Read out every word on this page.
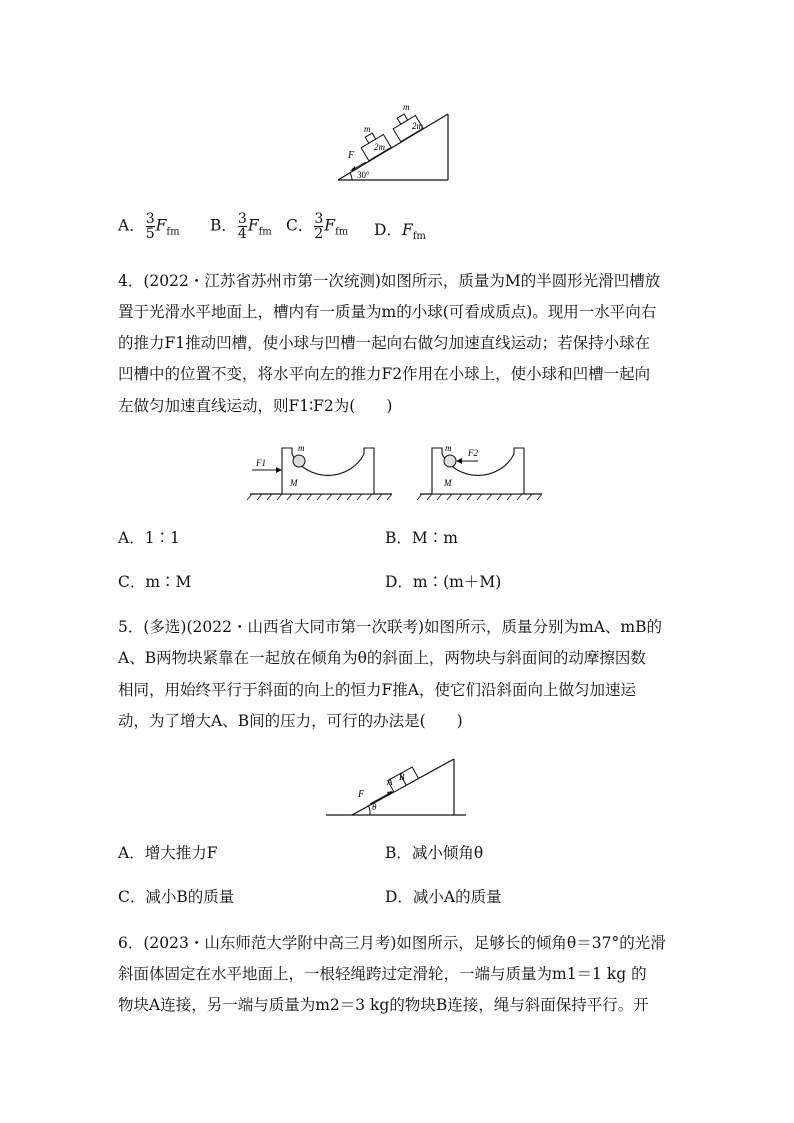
m
2m
m
2m
F
30°
A． $\frac{3}{5} F_{fm}$ B． $\frac{3}{4} F_{fm}$ C． $\frac{3}{2} F_{fm}$ D．$F_{fm}$
4．(2022・江苏省苏州市第一次统测)如图所示，质量为M的半圆形光滑凹槽放
置于光滑水平地面上，槽内有一质量为m的小球(可看成质点)。现用一水平向右
的推力F1推动凹槽，使小球与凹槽一起向右做匀加速直线运动；若保持小球在
凹槽中的位置不变，将水平向左的推力F2作用在小球上，使小球和凹槽一起向
左做匀加速直线运动，则F1∶F2为(　　)
F1
m
M
F2
m
M
A．1∶1	B．M∶m
C．m∶M	D．m∶(m＋M)
5．(多选)(2022・山西省大同市第一次联考)如图所示，质量分别为mA、mB的
A、B两物块紧靠在一起放在倾角为θ的斜面上，两物块与斜面间的动摩擦因数
相同，用始终平行于斜面的向上的恒力F推A，使它们沿斜面向上做匀加速运
动，为了增大A、B间的压力，可行的办法是(　　)
F
A B
θ
A．增大推力F	B．减小倾角θ
C．减小B的质量	D．减小A的质量
6．(2023・山东师范大学附中高三月考)如图所示，足够长的倾角θ＝37°的光滑
斜面体固定在水平地面上，一根轻绳跨过定滑轮，一端与质量为m1＝1 kg 的
物块A连接，另一端与质量为m2＝3 kg的物块B连接，绳与斜面保持平行。开
